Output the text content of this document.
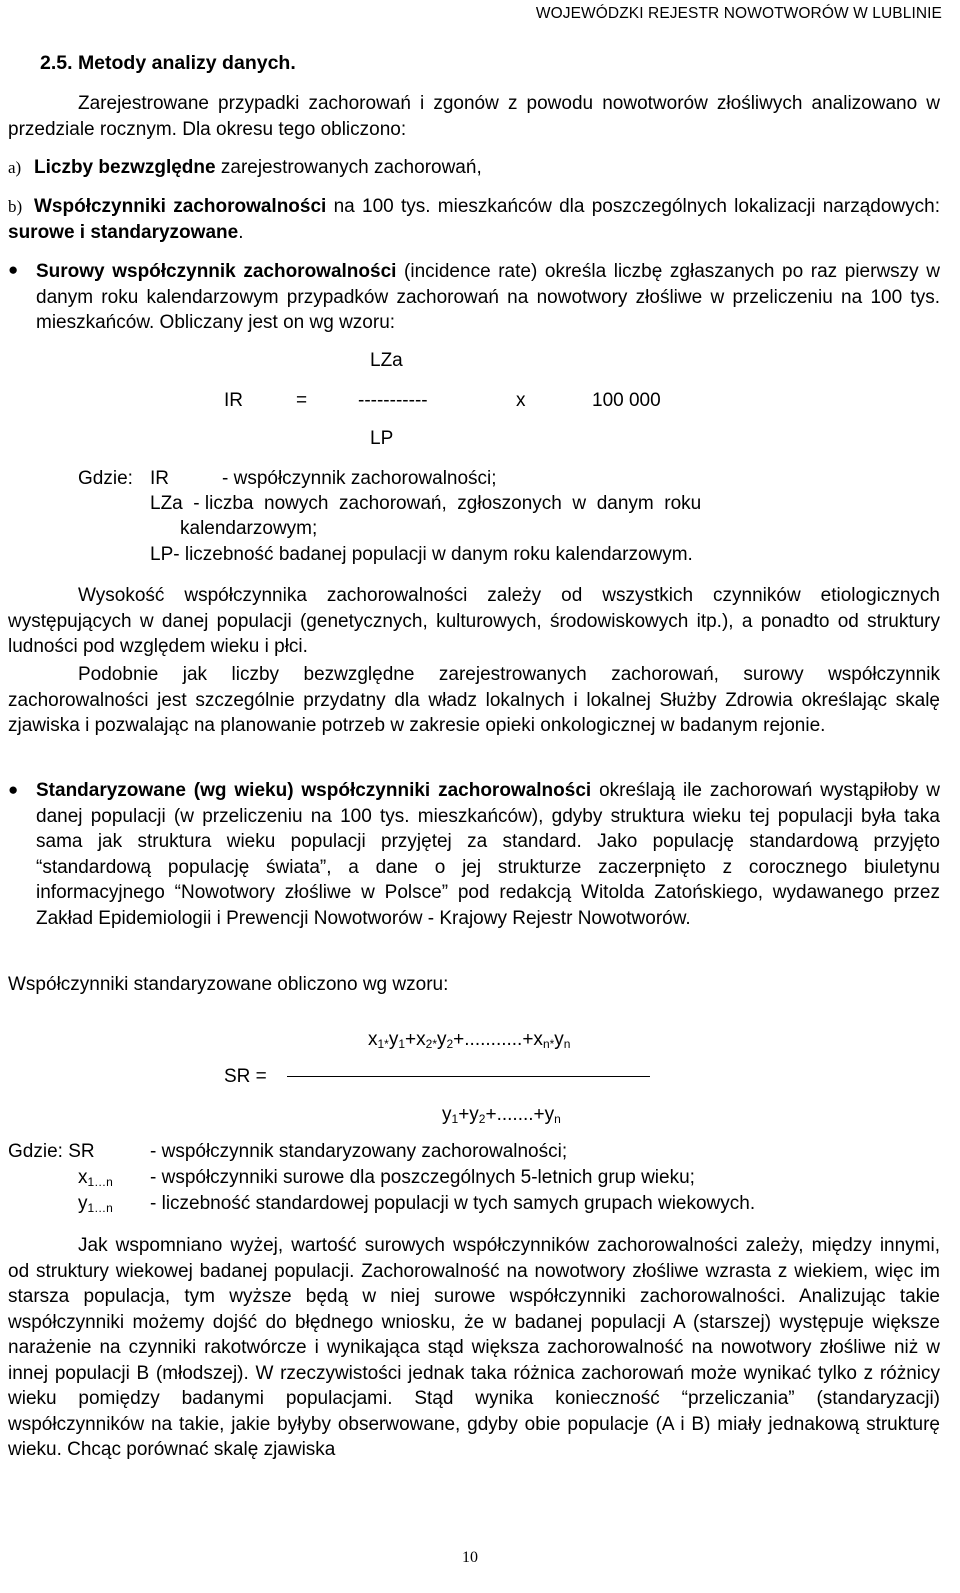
WOJEWÓDZKI REJESTR NOWOTWORÓW W LUBLINIE
2.5. Metody analizy danych.

Zarejestrowane przypadki zachorowań i zgonów z powodu nowotworów złośliwych analizowano w przedziale rocznym. Dla okresu tego obliczono:

a) Liczby bezwzględne zarejestrowanych zachorowań,
b) Współczynniki zachorowalności na 100 tys. mieszkańców dla poszczególnych lokalizacji narządowych: surowe i standaryzowane.
● Surowy współczynnik zachorowalności (incidence rate) określa liczbę zgłaszanych po raz pierwszy w danym roku kalendarzowym przypadków zachorowań na nowotwory złośliwe w przeliczeniu na 100 tys. mieszkańców. Obliczany jest on wg wzoru:
LZa
IR	=	-----------	x	100 000
LP
Gdzie: IR	- współczynnik zachorowalności;
LZa  - liczba  nowych  zachorowań,  zgłoszonych  w  danym  roku
kalendarzowym;
LP- liczebność badanej populacji w danym roku kalendarzowym.

Wysokość współczynnika zachorowalności zależy od wszystkich czynników etiologicznych występujących w danej populacji (genetycznych, kulturowych, środowiskowych itp.), a ponadto od struktury ludności pod względem wieku i płci.

Podobnie jak liczby bezwzględne zarejestrowanych zachorowań, surowy współczynnik zachorowalności jest szczególnie przydatny dla władz lokalnych i lokalnej Służby Zdrowia określając skalę zjawiska i pozwalając na planowanie potrzeb w zakresie opieki onkologicznej w badanym rejonie.

● Standaryzowane (wg wieku) współczynniki zachorowalności określają ile zachorowań wystąpiłoby w danej populacji (w przeliczeniu na 100 tys. mieszkańców), gdyby struktura wieku tej populacji była taka sama jak struktura wieku populacji przyjętej za standard. Jako populację standardową przyjęto “standardową populację świata”, a dane o jej strukturze zaczerpnięto z corocznego biuletynu informacyjnego “Nowotwory złośliwe w Polsce” pod redakcją Witolda Zatońskiego, wydawanego przez Zakład Epidemiologii i Prewencji Nowotworów - Krajowy Rejestr Nowotworów.
Współczynniki standaryzowane obliczono wg wzoru:
$x_{1*}y_1+x_{2*}y_2+...........+x_{n*}y_n$
SR =
$y_1+y_2+.......+y_n$
Gdzie: SR	- współczynnik standaryzowany zachorowalności;
$x_{1\dots n}$ - współczynniki surowe dla poszczególnych 5-letnich grup wieku;
$y_{1\dots n}$ - liczebność standardowej populacji w tych samych grupach wiekowych.

Jak wspomniano wyżej, wartość surowych współczynników zachorowalności zależy, między innymi, od struktury wiekowej badanej populacji. Zachorowalność na nowotwory złośliwe wzrasta z wiekiem, więc im starsza populacja, tym wyższe będą w niej surowe współczynniki zachorowalności. Analizując takie współczynniki możemy dojść do błędnego wniosku, że w badanej populacji A (starszej) występuje większe narażenie na czynniki rakotwórcze i wynikająca stąd większa zachorowalność na nowotwory złośliwe niż w innej populacji B (młodszej). W rzeczywistości jednak taka różnica zachorowań może wynikać tylko z różnicy wieku pomiędzy badanymi populacjami. Stąd wynika konieczność “przeliczania” (standaryzacji) współczynników na takie, jakie byłyby obserwowane, gdyby obie populacje (A i B) miały jednakową strukturę wieku. Chcąc porównać skalę zjawiska

10
